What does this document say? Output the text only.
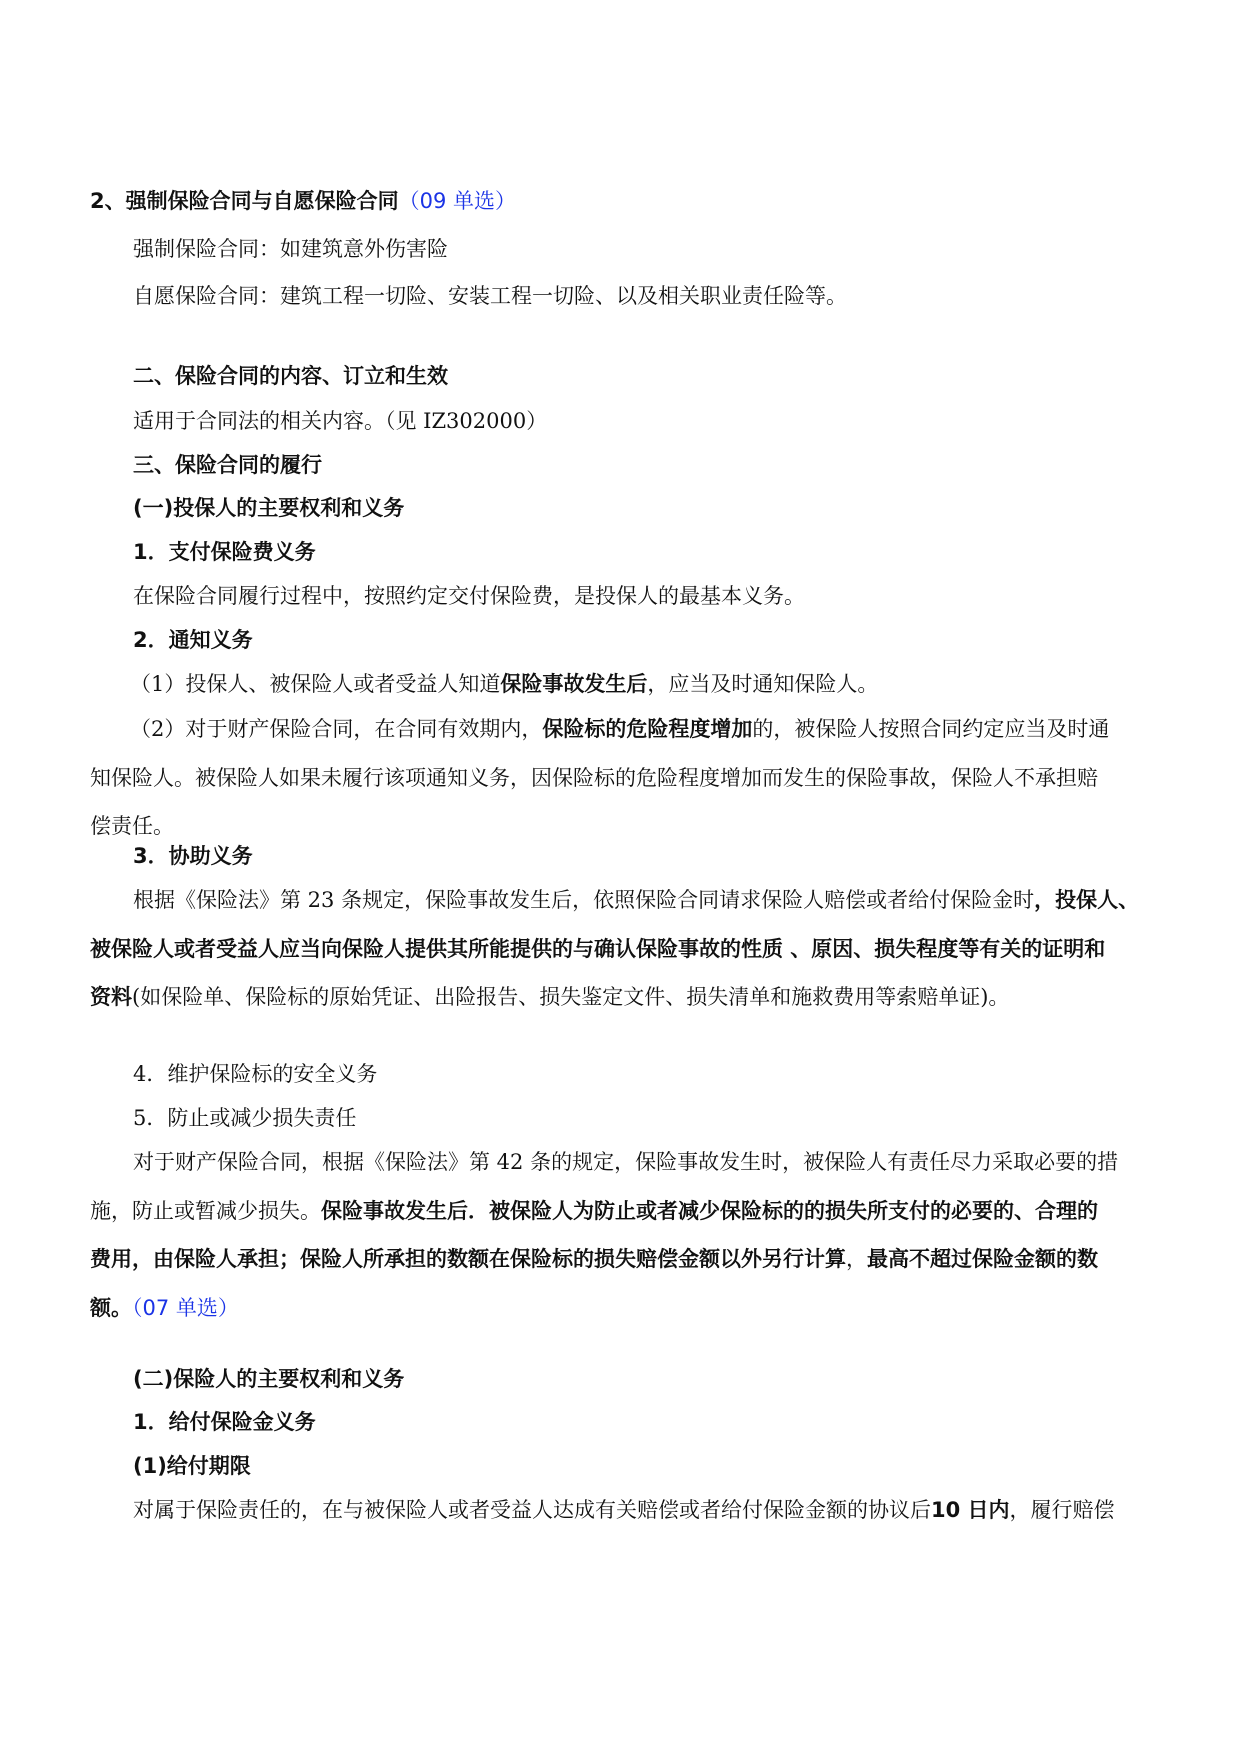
2、强制保险合同与自愿保险合同（09 单选）
强制保险合同：如建筑意外伤害险
自愿保险合同：建筑工程一切险、安装工程一切险、以及相关职业责任险等。
二、保险合同的内容、订立和生效
适用于合同法的相关内容。（见 IZ302000）
三、保险合同的履行
(一)投保人的主要权利和义务
1．支付保险费义务
在保险合同履行过程中，按照约定交付保险费，是投保人的最基本义务。
2．通知义务
（1）投保人、被保险人或者受益人知道保险事故发生后，应当及时通知保险人。
（2）对于财产保险合同，在合同有效期内，保险标的危险程度增加的，被保险人按照合同约定应当及时通
知保险人。被保险人如果未履行该项通知义务，因保险标的危险程度增加而发生的保险事故，保险人不承担赔
偿责任。
3．协助义务
根据《保险法》第 23 条规定，保险事故发生后，依照保险合同请求保险人赔偿或者给付保险金时，投保人、
被保险人或者受益人应当向保险人提供其所能提供的与确认保险事故的性质 、原因、损失程度等有关的证明和
资料(如保险单、保险标的原始凭证、出险报告、损失鉴定文件、损失清单和施救费用等索赔单证)。
4．维护保险标的安全义务
5．防止或减少损失责任
对于财产保险合同，根据《保险法》第 42 条的规定，保险事故发生时，被保险人有责任尽力采取必要的措
施，防止或暂减少损失。保险事故发生后．被保险人为防止或者减少保险标的的损失所支付的必要的、合理的
费用，由保险人承担；保险人所承担的数额在保险标的损失赔偿金额以外另行计算，最高不超过保险金额的数
额。（07 单选）
(二)保险人的主要权利和义务
1．给付保险金义务
(1)给付期限
对属于保险责任的，在与被保险人或者受益人达成有关赔偿或者给付保险金额的协议后10 日内，履行赔偿
